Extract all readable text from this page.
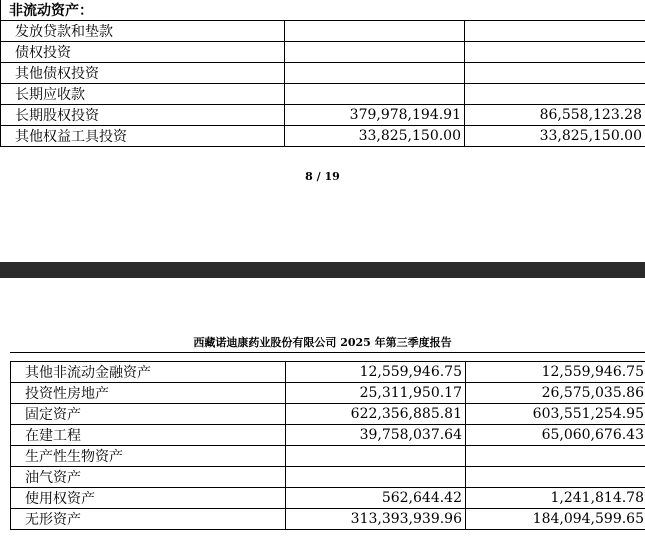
非流动资产：		
发放贷款和垫款		
债权投资		
其他债权投资		
长期应收款		
长期股权投资	379,978,194.91	86,558,123.28
其他权益工具投资	33,825,150.00	33,825,150.00
8 / 19
西藏诺迪康药业股份有限公司 2025 年第三季度报告
其他非流动金融资产	12,559,946.75	12,559,946.75
投资性房地产	25,311,950.17	26,575,035.86
固定资产	622,356,885.81	603,551,254.95
在建工程	39,758,037.64	65,060,676.43
生产性生物资产		
油气资产		
使用权资产	562,644.42	1,241,814.78
无形资产	313,393,939.96	184,094,599.65
